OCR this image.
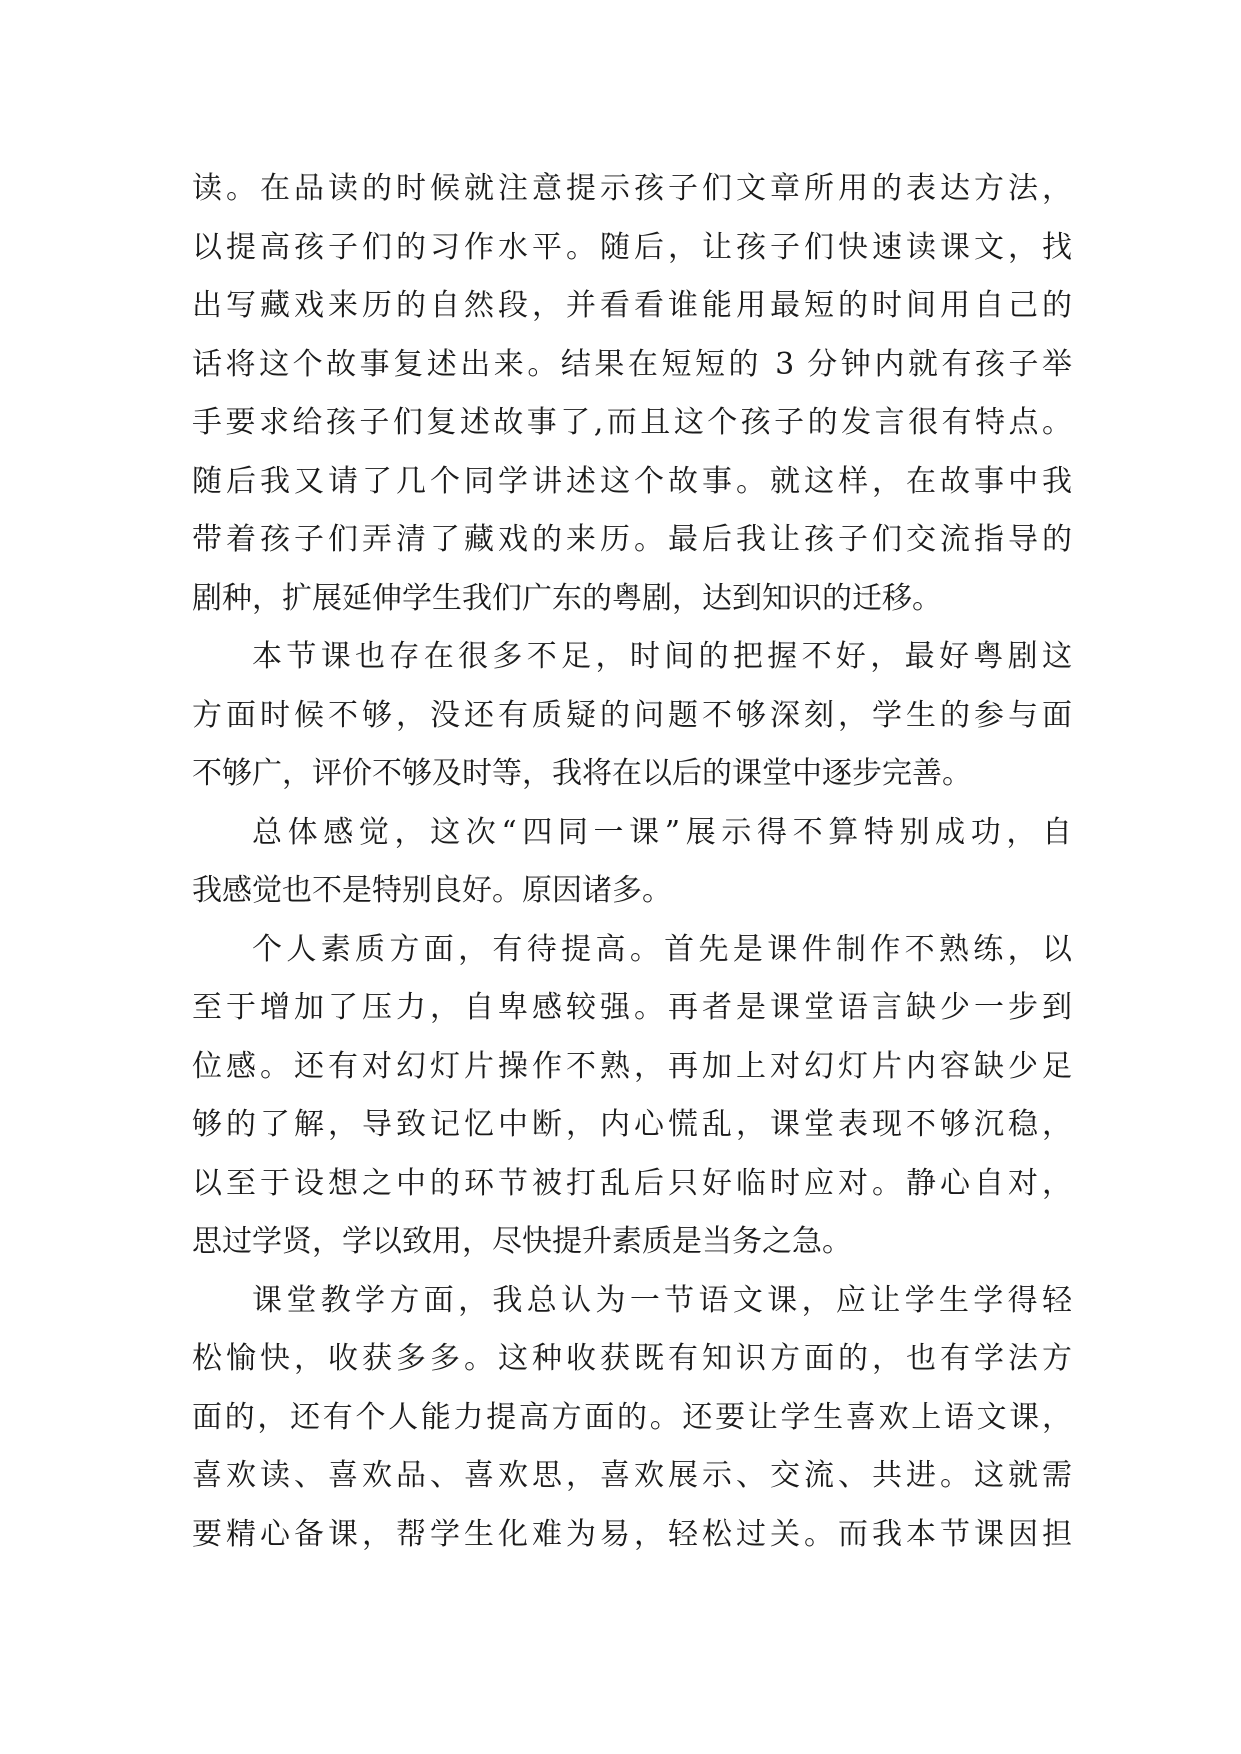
读。在品读的时候就注意提示孩子们文章所用的表达方法，
以提高孩子们的习作水平。随后，让孩子们快速读课文，找
出写藏戏来历的自然段，并看看谁能用最短的时间用自己的
话将这个故事复述出来。结果在短短的 3 分钟内就有孩子举
手要求给孩子们复述故事了,而且这个孩子的发言很有特点。
随后我又请了几个同学讲述这个故事。就这样，在故事中我
带着孩子们弄清了藏戏的来历。最后我让孩子们交流指导的
剧种，扩展延伸学生我们广东的粤剧，达到知识的迁移。
本节课也存在很多不足，时间的把握不好，最好粤剧这
方面时候不够，没还有质疑的问题不够深刻，学生的参与面
不够广，评价不够及时等，我将在以后的课堂中逐步完善。
总体感觉，这次“四同一课”展示得不算特别成功，自
我感觉也不是特别良好。原因诸多。
个人素质方面，有待提高。首先是课件制作不熟练，以
至于增加了压力，自卑感较强。再者是课堂语言缺少一步到
位感。还有对幻灯片操作不熟，再加上对幻灯片内容缺少足
够的了解，导致记忆中断，内心慌乱，课堂表现不够沉稳，
以至于设想之中的环节被打乱后只好临时应对。静心自对，
思过学贤，学以致用，尽快提升素质是当务之急。
课堂教学方面，我总认为一节语文课，应让学生学得轻
松愉快，收获多多。这种收获既有知识方面的，也有学法方
面的，还有个人能力提高方面的。还要让学生喜欢上语文课，
喜欢读、喜欢品、喜欢思，喜欢展示、交流、共进。这就需
要精心备课，帮学生化难为易，轻松过关。而我本节课因担
